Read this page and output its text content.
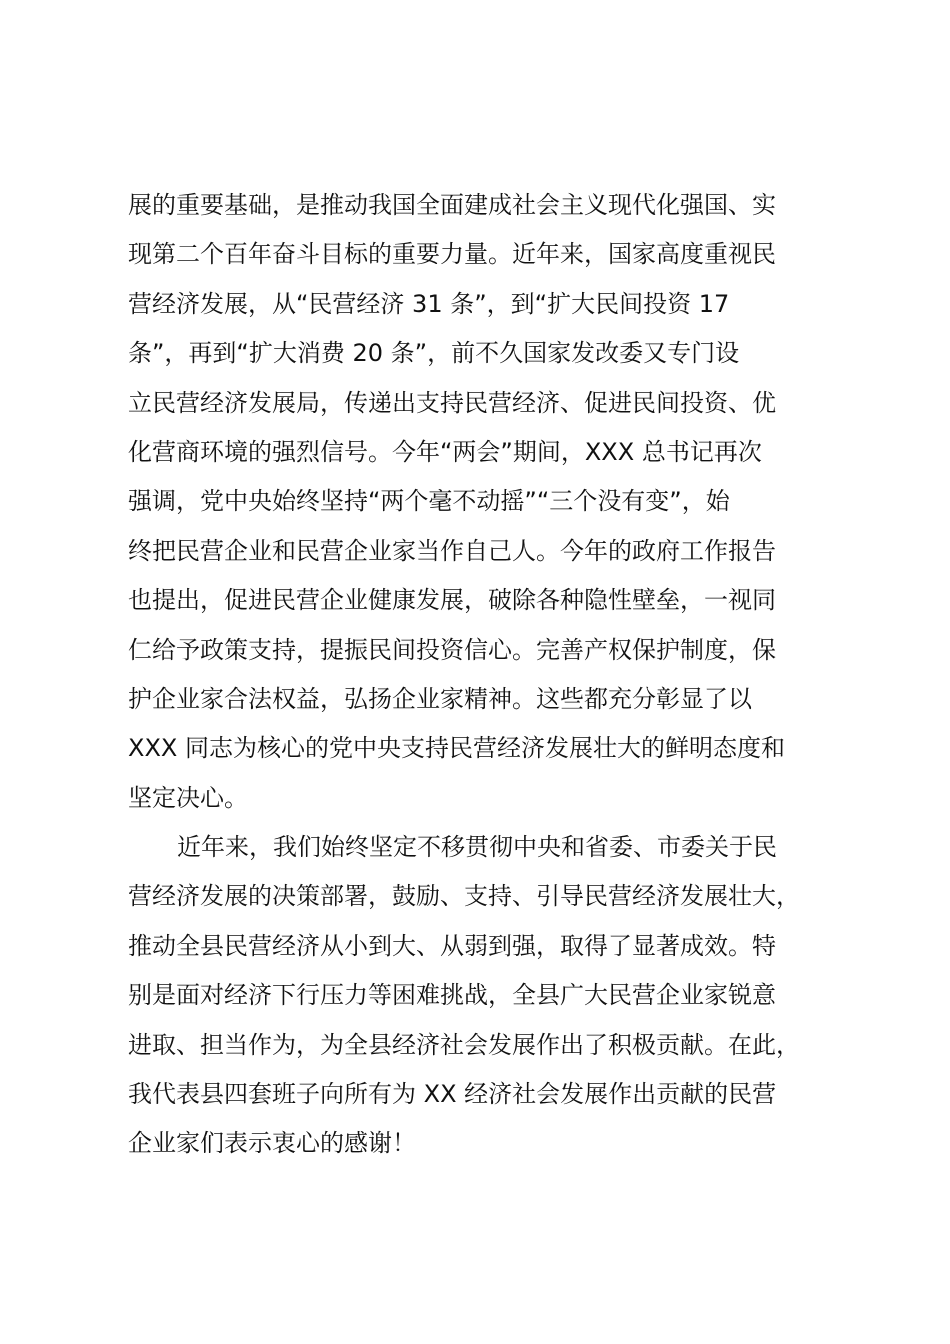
展的重要基础，是推动我国全面建成社会主义现代化强国、实
现第二个百年奋斗目标的重要力量。近年来，国家高度重视民
营经济发展，从“民营经济 31 条”，到“扩大民间投资 17
条”，再到“扩大消费 20 条”，前不久国家发改委又专门设
立民营经济发展局，传递出支持民营经济、促进民间投资、优
化营商环境的强烈信号。今年“两会”期间，XXX 总书记再次
强调，党中央始终坚持“两个毫不动摇”“三个没有变”，始
终把民营企业和民营企业家当作自己人。今年的政府工作报告
也提出，促进民营企业健康发展，破除各种隐性壁垒，一视同
仁给予政策支持，提振民间投资信心。完善产权保护制度，保
护企业家合法权益，弘扬企业家精神。这些都充分彰显了以
XXX 同志为核心的党中央支持民营经济发展壮大的鲜明态度和
坚定决心。
近年来，我们始终坚定不移贯彻中央和省委、市委关于民
营经济发展的决策部署，鼓励、支持、引导民营经济发展壮大，
推动全县民营经济从小到大、从弱到强，取得了显著成效。特
别是面对经济下行压力等困难挑战，全县广大民营企业家锐意
进取、担当作为，为全县经济社会发展作出了积极贡献。在此，
我代表县四套班子向所有为 XX 经济社会发展作出贡献的民营
企业家们表示衷心的感谢！
